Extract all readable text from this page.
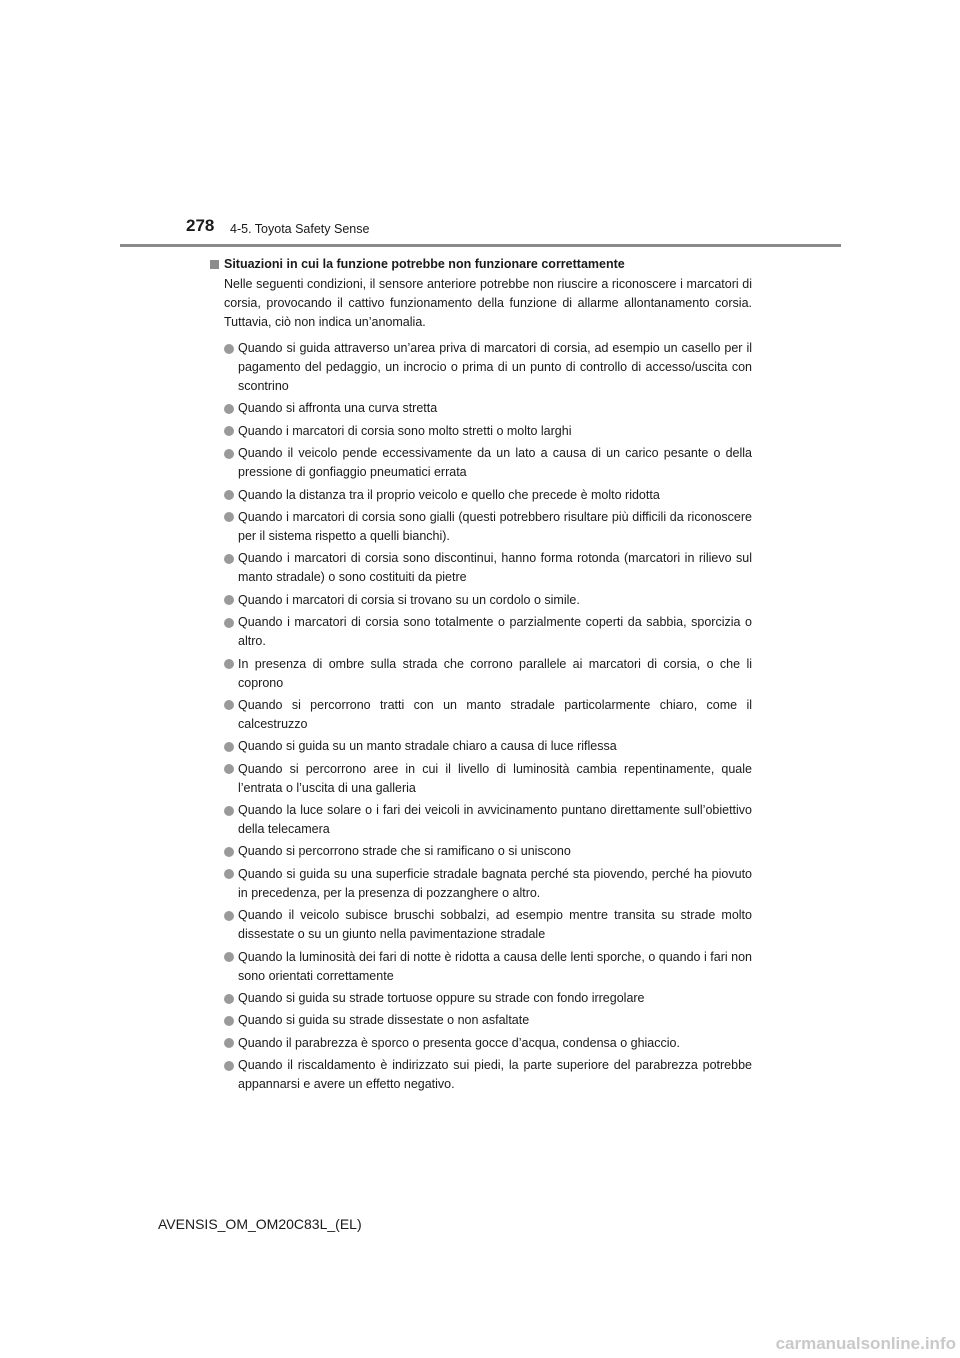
278 4-5. Toyota Safety Sense
Situazioni in cui la funzione potrebbe non funzionare correttamente

Nelle seguenti condizioni, il sensore anteriore potrebbe non riuscire a riconoscere i marcatori di corsia, provocando il cattivo funzionamento della funzione di allarme allontanamento corsia. Tuttavia, ciò non indica un’anomalia.

Quando si guida attraverso un’area priva di marcatori di corsia, ad esempio un casello per il pagamento del pedaggio, un incrocio o prima di un punto di controllo di accesso/uscita con scontrino
Quando si affronta una curva stretta
Quando i marcatori di corsia sono molto stretti o molto larghi
Quando il veicolo pende eccessivamente da un lato a causa di un carico pesante o della pressione di gonfiaggio pneumatici errata
Quando la distanza tra il proprio veicolo e quello che precede è molto ridotta
Quando i marcatori di corsia sono gialli (questi potrebbero risultare più difficili da riconoscere per il sistema rispetto a quelli bianchi).
Quando i marcatori di corsia sono discontinui, hanno forma rotonda (marcatori in rilievo sul manto stradale) o sono costituiti da pietre
Quando i marcatori di corsia si trovano su un cordolo o simile.
Quando i marcatori di corsia sono totalmente o parzialmente coperti da sabbia, sporcizia o altro.
In presenza di ombre sulla strada che corrono parallele ai marcatori di corsia, o che li coprono
Quando si percorrono tratti con un manto stradale particolarmente chiaro, come il calcestruzzo
Quando si guida su un manto stradale chiaro a causa di luce riflessa
Quando si percorrono aree in cui il livello di luminosità cambia repentinamente, quale l’entrata o l’uscita di una galleria
Quando la luce solare o i fari dei veicoli in avvicinamento puntano direttamente sull’obiettivo della telecamera
Quando si percorrono strade che si ramificano o si uniscono
Quando si guida su una superficie stradale bagnata perché sta piovendo, perché ha piovuto in precedenza, per la presenza di pozzanghere o altro.
Quando il veicolo subisce bruschi sobbalzi, ad esempio mentre transita su strade molto dissestate o su un giunto nella pavimentazione stradale
Quando la luminosità dei fari di notte è ridotta a causa delle lenti sporche, o quando i fari non sono orientati correttamente
Quando si guida su strade tortuose oppure su strade con fondo irregolare
Quando si guida su strade dissestate o non asfaltate
Quando il parabrezza è sporco o presenta gocce d’acqua, condensa o ghiaccio.
Quando il riscaldamento è indirizzato sui piedi, la parte superiore del parabrezza potrebbe appannarsi e avere un effetto negativo.
AVENSIS_OM_OM20C83L_(EL)
carmanualsonline.info
